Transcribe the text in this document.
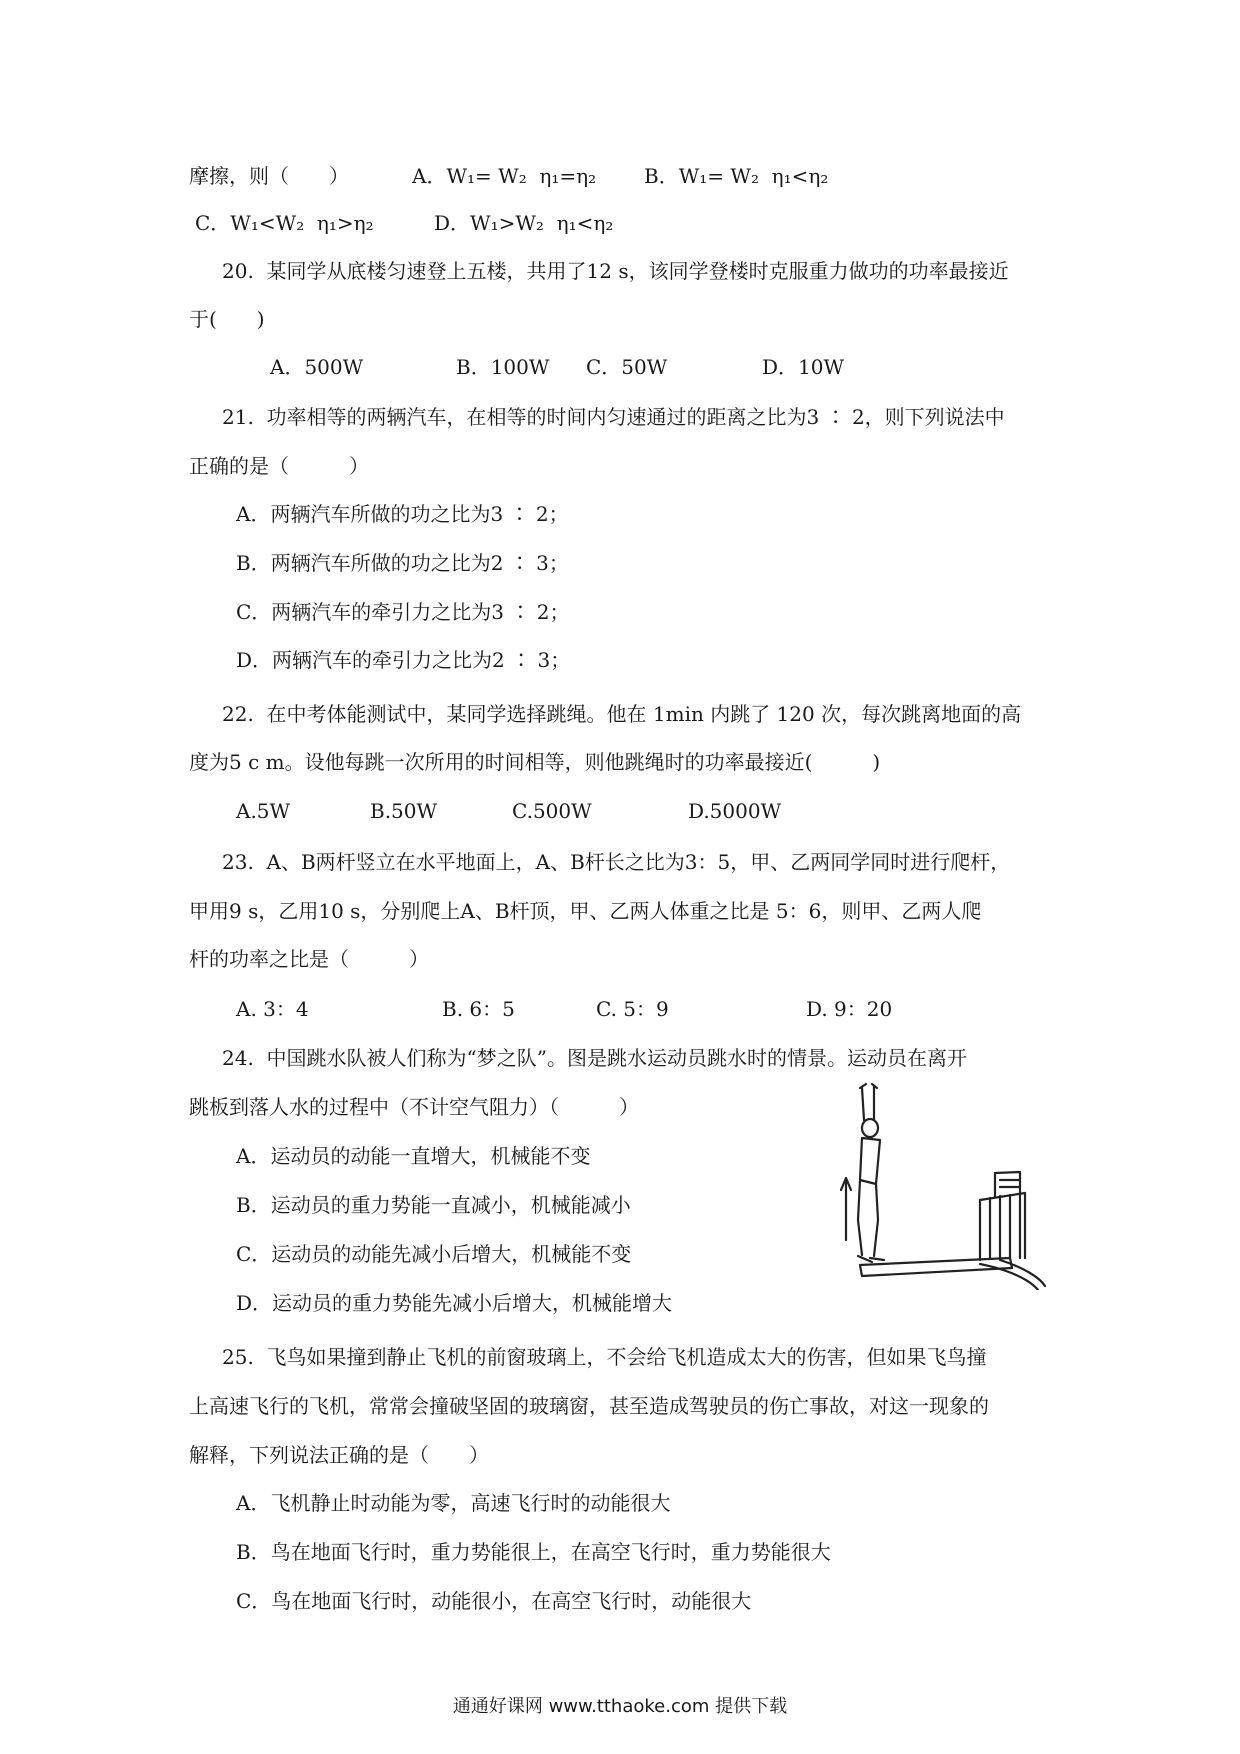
摩擦，则（　　）	A．W₁= W₂  η₁=η₂ B．W₁= W₂  η₁<η₂
C．W₁<W₂  η₁>η₂	D．W₁>W₂  η₁<η₂
20.  某同学从底楼匀速登上五楼，共用了12 s，该同学登楼时克服重力做功的功率最接近
于(　　)
A．500W	B．100W C．50W	D．10W
21.  功率相等的两辆汽车，在相等的时间内匀速通过的距离之比为3 ∶ 2，则下列说法中
正确的是（　　　）
A．两辆汽车所做的功之比为3 ∶ 2；
B．两辆汽车所做的功之比为2 ∶ 3；
C．两辆汽车的牵引力之比为3 ∶ 2；
D．两辆汽车的牵引力之比为2 ∶ 3；
22.  在中考体能测试中，某同学选择跳绳。他在 1min 内跳了 120 次，每次跳离地面的高
度为5 c m。设他每跳一次所用的时间相等，则他跳绳时的功率最接近(　　　)
A.5W	B.50W	C.500W	D.5000W
23.  A、B两杆竖立在水平地面上，A、B杆长之比为3：5，甲、乙两同学同时进行爬杆，
甲用9 s，乙用10 s，分别爬上A、B杆顶，甲、乙两人体重之比是 5：6，则甲、乙两人爬
杆的功率之比是（　　　）
A. 3：4	B. 6：5	C. 5：9	D. 9：20
24.  中国跳水队被人们称为“梦之队”。图是跳水运动员跳水时的情景。运动员在离开
跳板到落人水的过程中（不计空气阻力）（　　　）
A．运动员的动能一直增大，机械能不变
B．运动员的重力势能一直减小，机械能减小
C．运动员的动能先减小后增大，机械能不变
D．运动员的重力势能先减小后增大，机械能增大
25.  飞鸟如果撞到静止飞机的前窗玻璃上，不会给飞机造成太大的伤害，但如果飞鸟撞
上高速飞行的飞机，常常会撞破坚固的玻璃窗，甚至造成驾驶员的伤亡事故，对这一现象的
解释，下列说法正确的是（　　）
A．飞机静止时动能为零，高速飞行时的动能很大
B．鸟在地面飞行时，重力势能很上，在高空飞行时，重力势能很大
C．鸟在地面飞行时，动能很小，在高空飞行时，动能很大
通通好课网 www.tthaoke.com 提供下载
